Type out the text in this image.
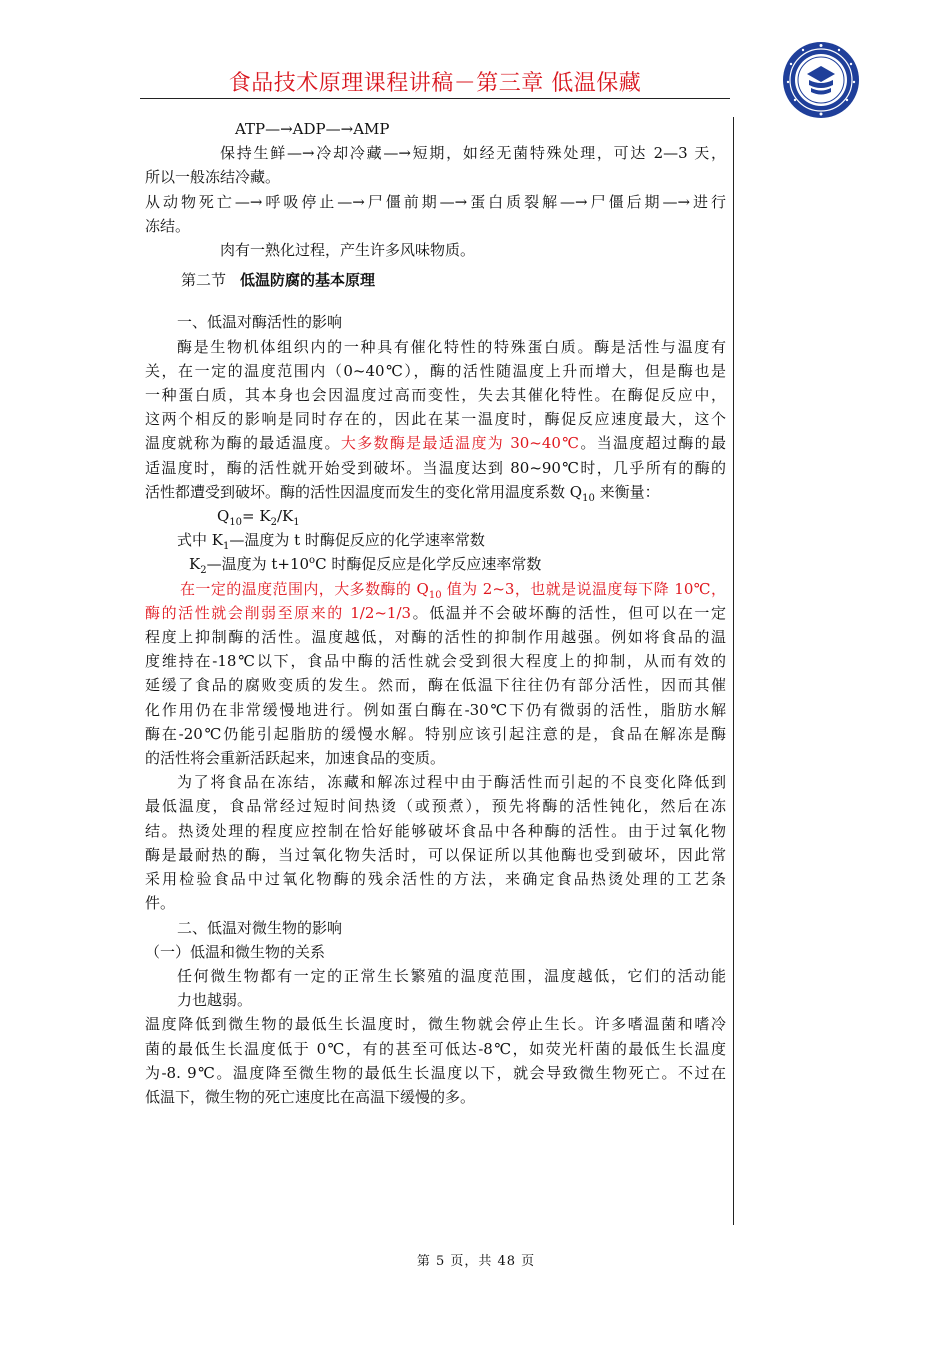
食品技术原理课程讲稿－第三章 低温保藏

ATP—→ADP—→AMP

保持生鲜—→冷却冷藏—→短期，如经无菌特殊处理，可达 2—3 天，

所以一般冻结冷藏。

从动物死亡—→呼吸停止—→尸僵前期—→蛋白质裂解—→尸僵后期—→进行

冻结。

肉有一熟化过程，产生许多风味物质。

第二节 低温防腐的基本原理

一、低温对酶活性的影响

酶是生物机体组织内的一种具有催化特性的特殊蛋白质。酶是活性与温度有

关，在一定的温度范围内（0~40℃），酶的活性随温度上升而增大，但是酶也是

一种蛋白质，其本身也会因温度过高而变性，失去其催化特性。在酶促反应中，

这两个相反的影响是同时存在的，因此在某一温度时，酶促反应速度最大，这个

温度就称为酶的最适温度。大多数酶是最适温度为 30~40℃。当温度超过酶的最

适温度时，酶的活性就开始受到破坏。当温度达到 80~90℃时，几乎所有的酶的

活性都遭受到破坏。酶的活性因温度而发生的变化常用温度系数 $Q_{10}$ 来衡量：

$Q_{10}= K_2/K_1$

式中 $K_1—$温度为 t 时酶促反应的化学速率常数

$K_2—$温度为 $t+10^oC$ 时酶促反应是化学反应速率常数

在一定的温度范围内，大多数酶的 $Q_{10}$ 值为 2~3，也就是说温度每下降 10℃，

酶的活性就会削弱至原来的 1/2~1/3。低温并不会破坏酶的活性，但可以在一定

程度上抑制酶的活性。温度越低，对酶的活性的抑制作用越强。例如将食品的温

度维持在-18℃以下，食品中酶的活性就会受到很大程度上的抑制，从而有效的

延缓了食品的腐败变质的发生。然而，酶在低温下往往仍有部分活性，因而其催

化作用仍在非常缓慢地进行。例如蛋白酶在-30℃下仍有微弱的活性，脂肪水解

酶在-20℃仍能引起脂肪的缓慢水解。特别应该引起注意的是，食品在解冻是酶

的活性将会重新活跃起来，加速食品的变质。

为了将食品在冻结，冻藏和解冻过程中由于酶活性而引起的不良变化降低到

最低温度，食品常经过短时间热烫（或预煮），预先将酶的活性钝化，然后在冻

结。热烫处理的程度应控制在恰好能够破坏食品中各种酶的活性。由于过氧化物

酶是最耐热的酶，当过氧化物失活时，可以保证所以其他酶也受到破坏，因此常

采用检验食品中过氧化物酶的残余活性的方法，来确定食品热烫处理的工艺条

件。

二、低温对微生物的影响

（一）低温和微生物的关系

任何微生物都有一定的正常生长繁殖的温度范围，温度越低，它们的活动能

力也越弱。

温度降低到微生物的最低生长温度时，微生物就会停止生长。许多嗜温菌和嗜冷

菌的最低生长温度低于 0℃，有的甚至可低达-8℃，如荧光杆菌的最低生长温度

为-8. 9℃。温度降至微生物的最低生长温度以下，就会导致微生物死亡。不过在

低温下，微生物的死亡速度比在高温下缓慢的多。

第 5 页，共 48 页
